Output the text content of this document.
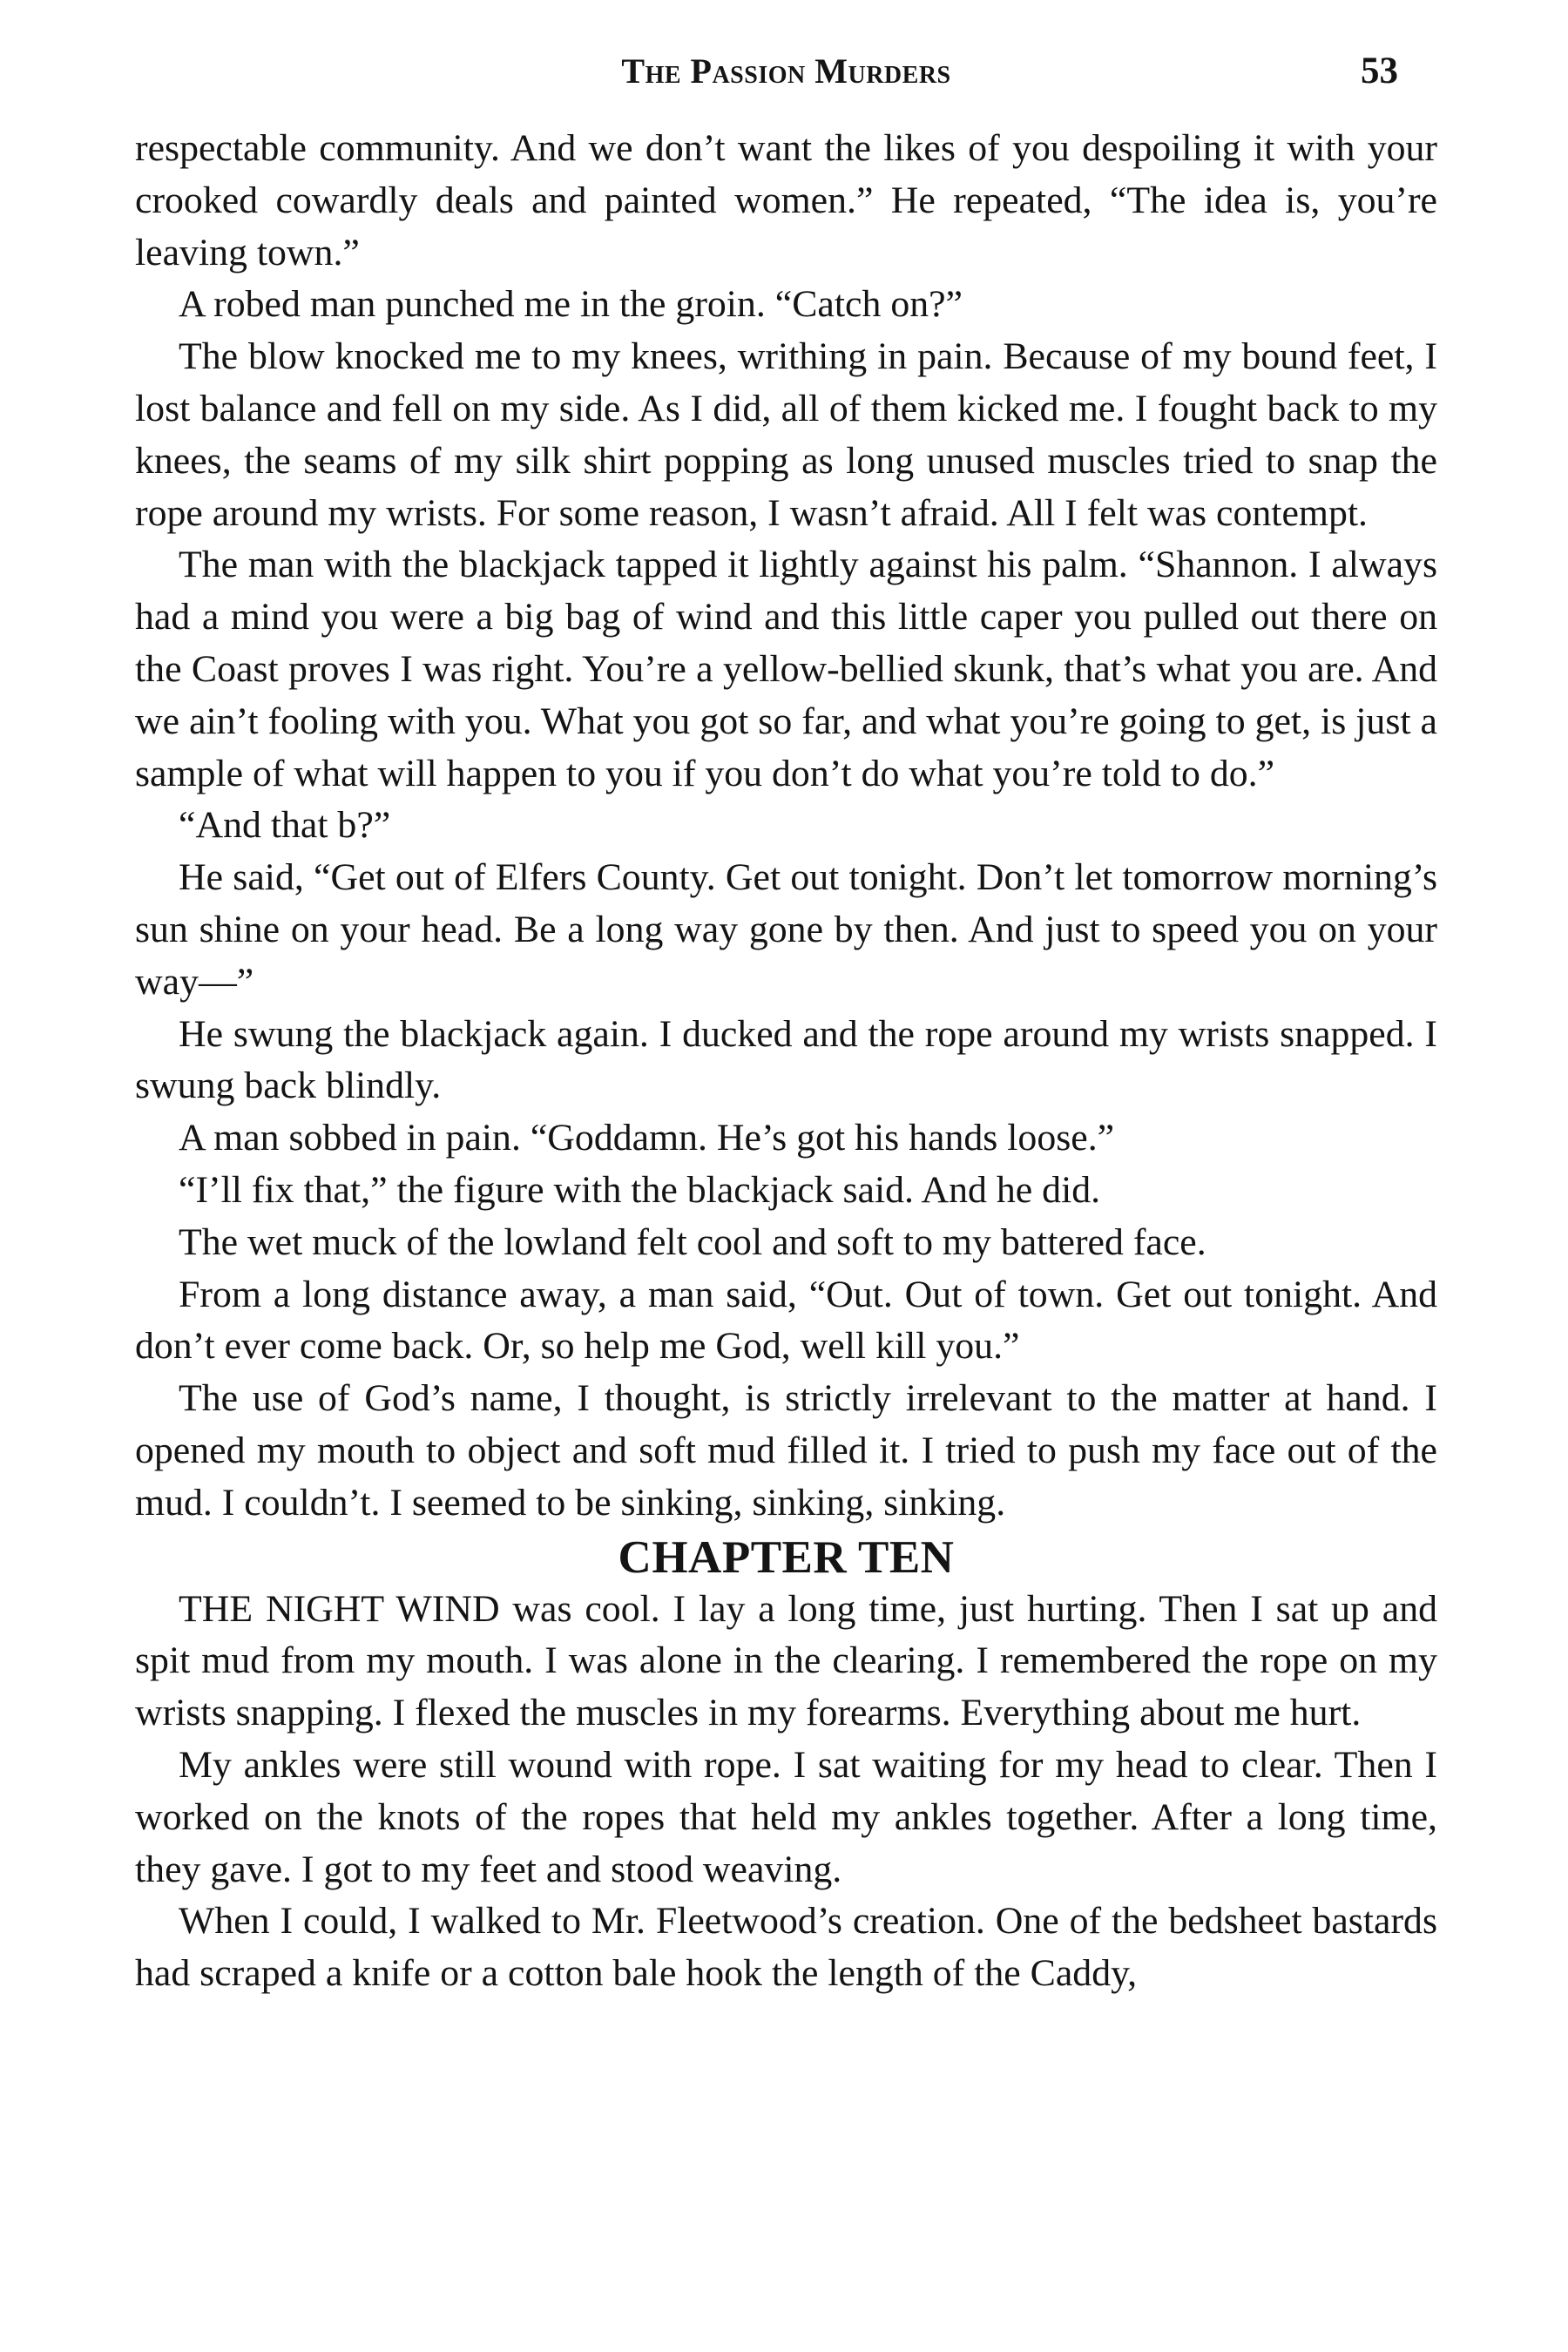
The Passion Murders	53

respectable community. And we don’t want the likes of you despoiling it with your crooked cowardly deals and painted women.” He repeated, “The idea is, you’re leaving town.”

A robed man punched me in the groin. “Catch on?”

The blow knocked me to my knees, writhing in pain. Because of my bound feet, I lost balance and fell on my side. As I did, all of them kicked me. I fought back to my knees, the seams of my silk shirt popping as long unused muscles tried to snap the rope around my wrists. For some reason, I wasn’t afraid. All I felt was contempt.

The man with the blackjack tapped it lightly against his palm. “Shannon. I always had a mind you were a big bag of wind and this little caper you pulled out there on the Coast proves I was right. You’re a yellow-bellied skunk, that’s what you are. And we ain’t fooling with you. What you got so far, and what you’re going to get, is just a sample of what will happen to you if you don’t do what you’re told to do.”

“And that b?”

He said, “Get out of Elfers County. Get out tonight. Don’t let tomorrow morning’s sun shine on your head. Be a long way gone by then. And just to speed you on your way—”

He swung the blackjack again. I ducked and the rope around my wrists snapped. I swung back blindly.

A man sobbed in pain. “Goddamn. He’s got his hands loose.”

“I’ll fix that,” the figure with the blackjack said. And he did.

The wet muck of the lowland felt cool and soft to my battered face.

From a long distance away, a man said, “Out. Out of town. Get out tonight. And don’t ever come back. Or, so help me God, well kill you.”

The use of God’s name, I thought, is strictly irrelevant to the matter at hand. I opened my mouth to object and soft mud filled it. I tried to push my face out of the mud. I couldn’t. I seemed to be sinking, sinking, sinking.

CHAPTER TEN

THE NIGHT WIND was cool. I lay a long time, just hurting. Then I sat up and spit mud from my mouth. I was alone in the clearing. I remembered the rope on my wrists snapping. I flexed the muscles in my forearms. Everything about me hurt.

My ankles were still wound with rope. I sat waiting for my head to clear. Then I worked on the knots of the ropes that held my ankles together. After a long time, they gave. I got to my feet and stood weaving.

When I could, I walked to Mr. Fleetwood’s creation. One of the bedsheet bastards had scraped a knife or a cotton bale hook the length of the Caddy,
